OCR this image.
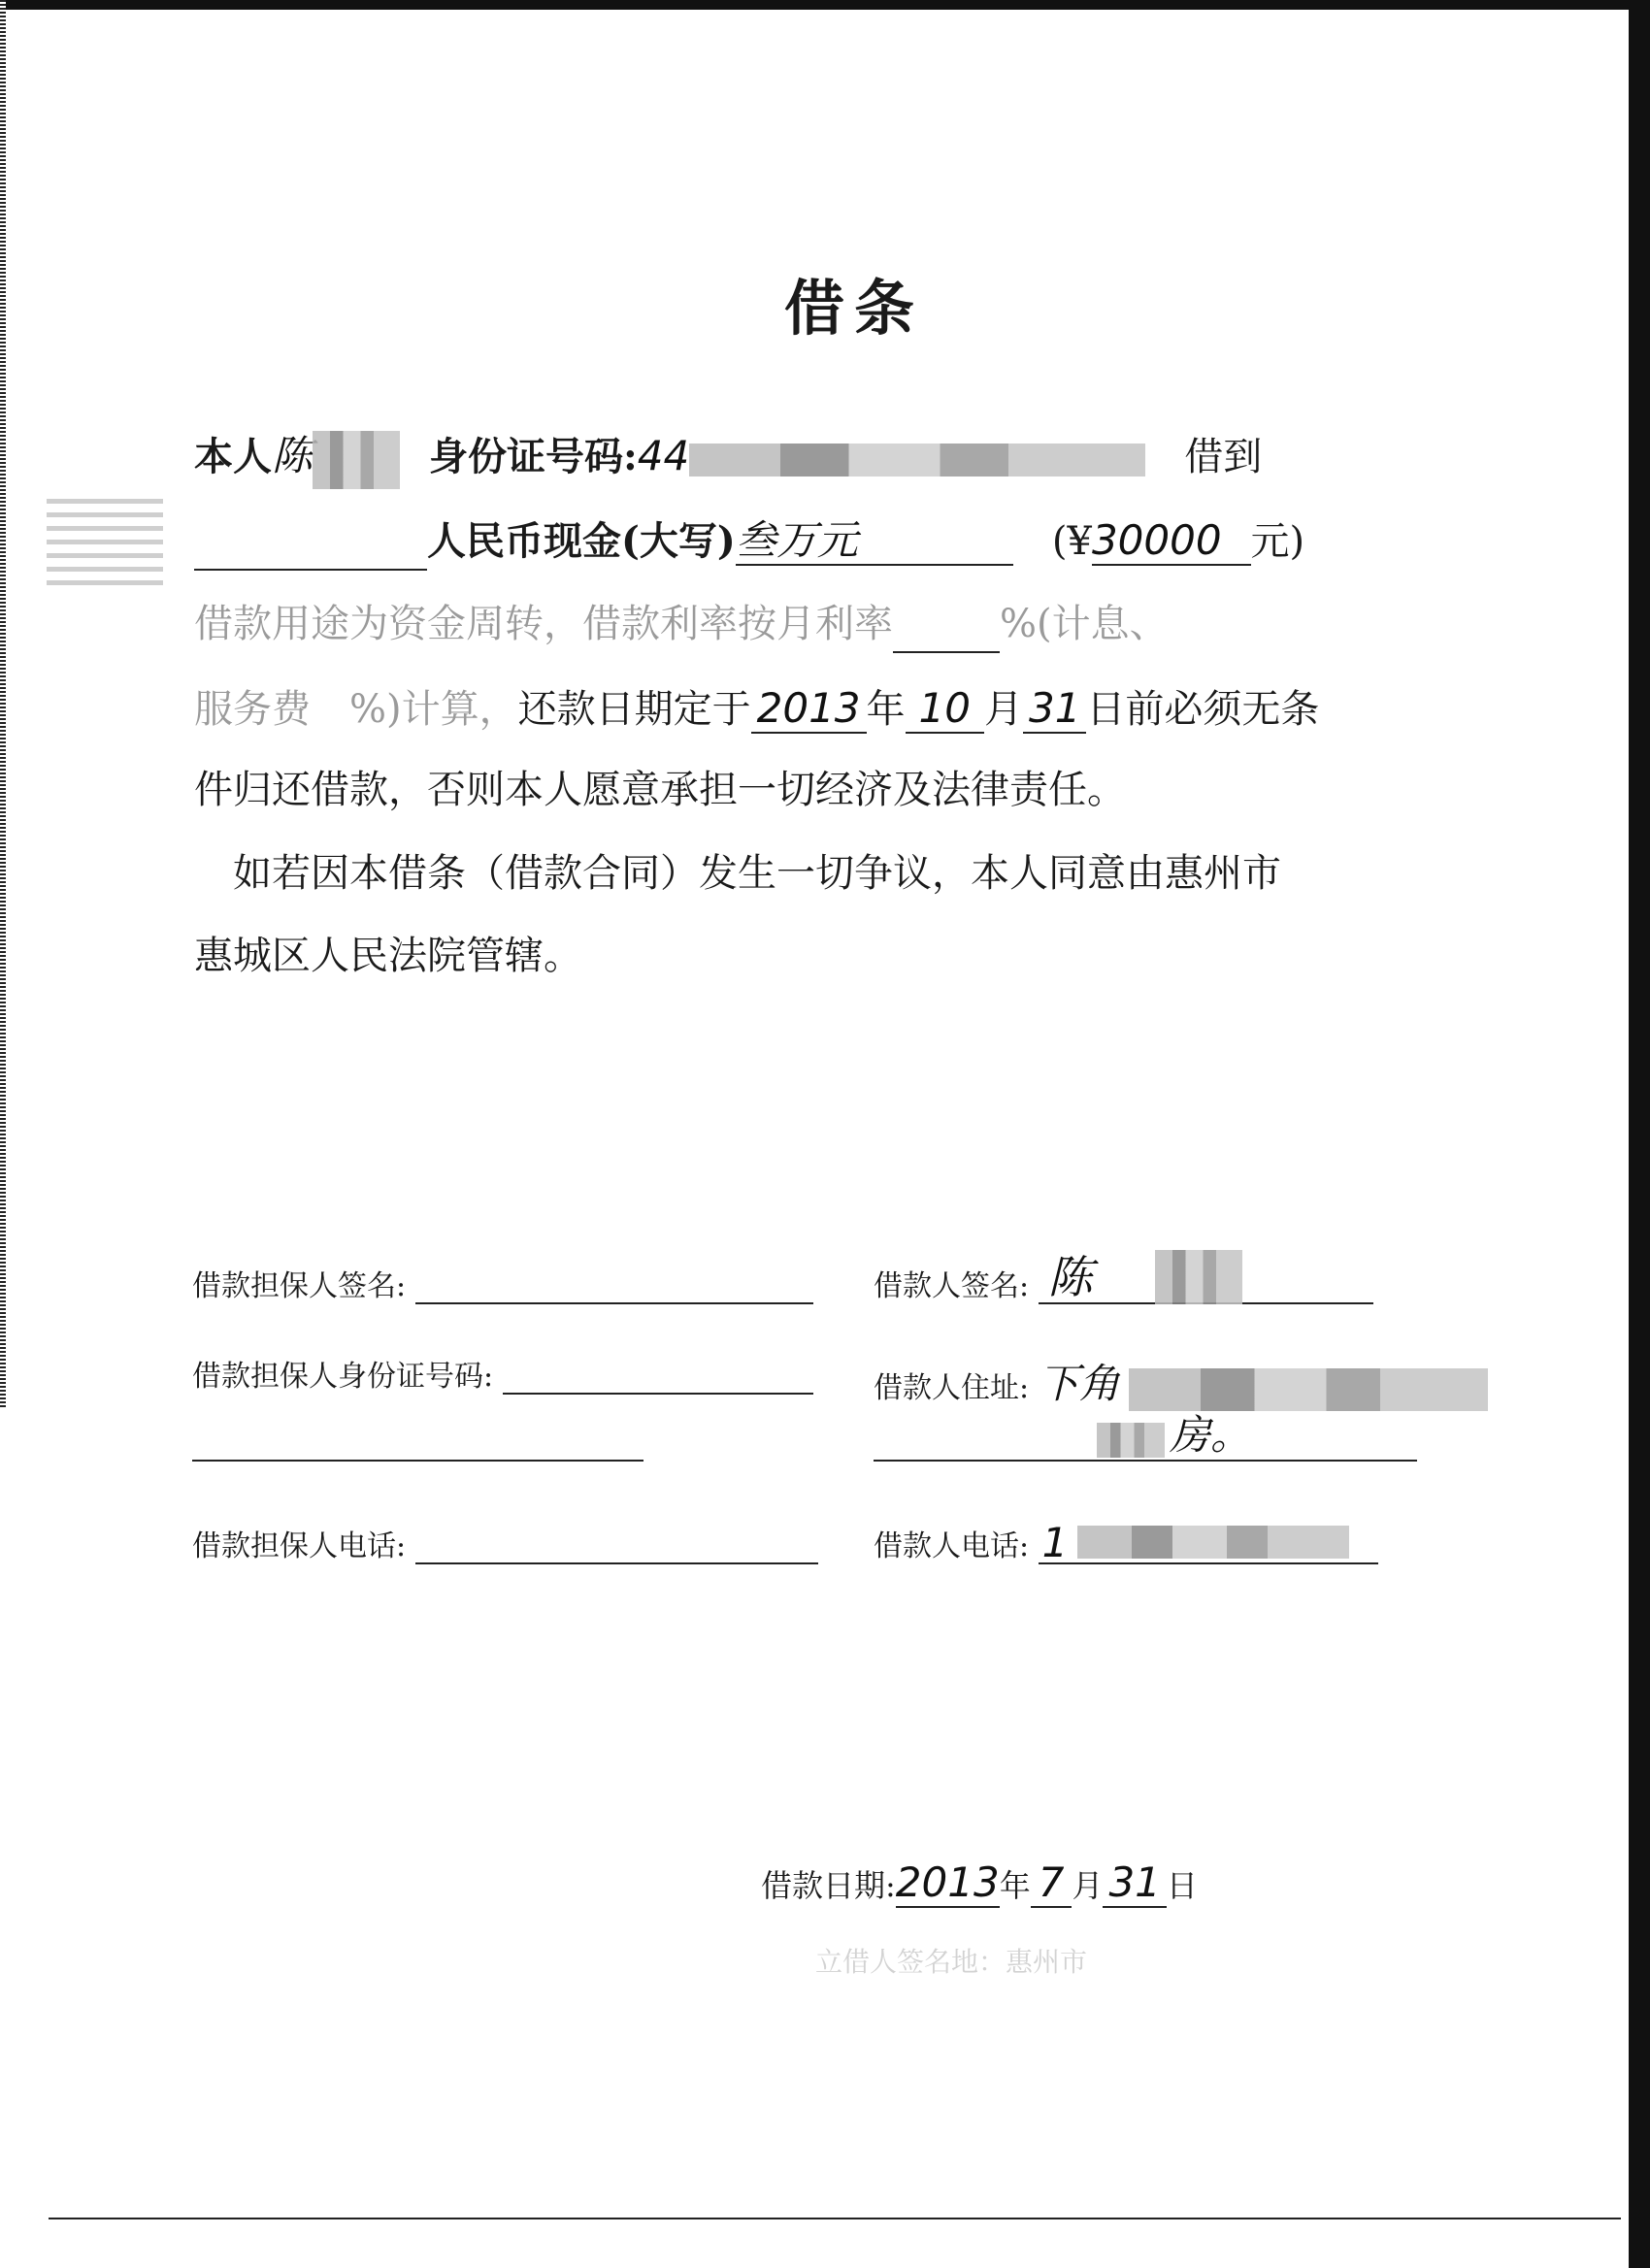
借条
本人陈	身份证号码:44	借到
人民币现金(大写)叁万元	(¥30000 元)
借款用途为资金周转，借款利率按月利率	%(计息、
服务费 %)计算，还款日期定于 2013 年 10 月 31 日前必须无条
件归还借款，否则本人愿意承担一切经济及法律责任。
如若因本借条（借款合同）发生一切争议，本人同意由惠州市
惠城区人民法院管辖。
借款担保人签名:	借款人签名: 陈
借款担保人身份证号码:	借款人住址: 下角
房。
借款担保人电话:	借款人电话: 1
借款日期:2013年 7 月 31 日
立借人签名地：惠州市
